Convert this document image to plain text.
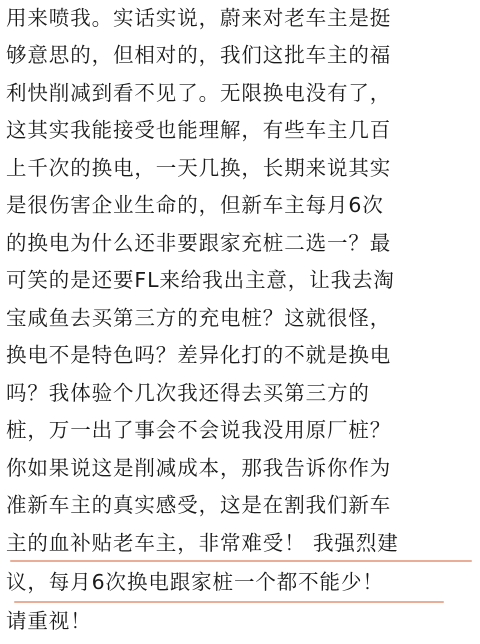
用来喷我。实话实说，蔚来对老车主是挺
够意思的，但相对的，我们这批车主的福
利快削减到看不见了。无限换电没有了，
这其实我能接受也能理解，有些车主几百
上千次的换电，一天几换，长期来说其实
是很伤害企业生命的，但新车主每月6次
的换电为什么还非要跟家充桩二选一？最
可笑的是还要FL来给我出主意，让我去淘
宝咸鱼去买第三方的充电桩？这就很怪，
换电不是特色吗？差异化打的不就是换电
吗？我体验个几次我还得去买第三方的
桩，万一出了事会不会说我没用原厂桩？
你如果说这是削减成本，那我告诉你作为
准新车主的真实感受，这是在割我们新车
主的血补贴老车主，非常难受！ 我强烈建
议，每月6次换电跟家桩一个都不能少！
请重视！
